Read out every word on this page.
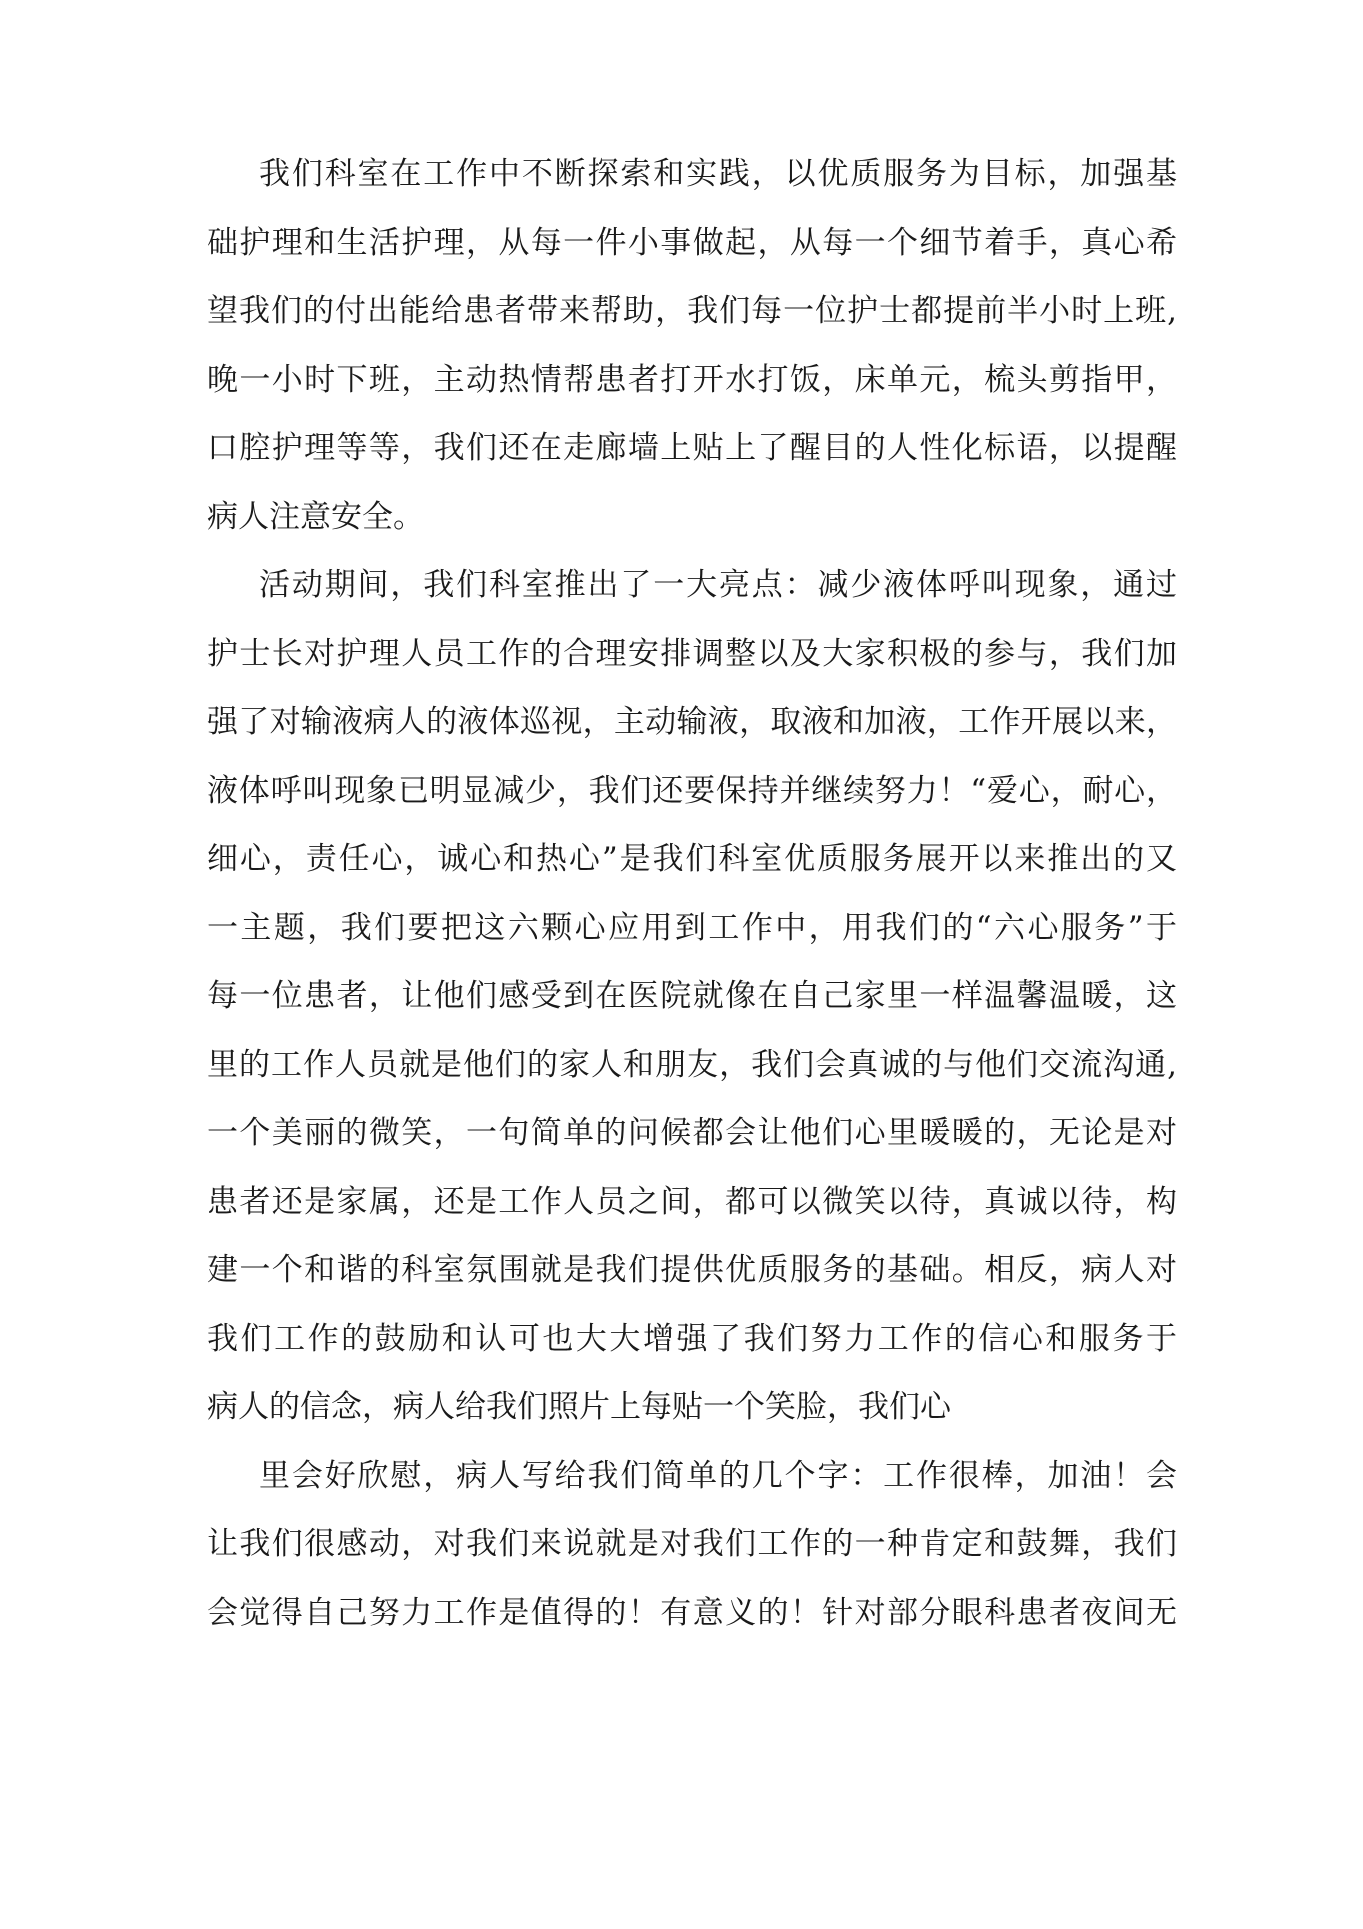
我们科室在工作中不断探索和实践，以优质服务为目标，加强基
础护理和生活护理，从每一件小事做起，从每一个细节着手，真心希
望我们的付出能给患者带来帮助，我们每一位护士都提前半小时上班,
晚一小时下班，主动热情帮患者打开水打饭，床单元，梳头剪指甲，
口腔护理等等，我们还在走廊墙上贴上了醒目的人性化标语，以提醒
病人注意安全。
活动期间，我们科室推出了一大亮点：减少液体呼叫现象，通过
护士长对护理人员工作的合理安排调整以及大家积极的参与，我们加
强了对输液病人的液体巡视，主动输液，取液和加液，工作开展以来，
液体呼叫现象已明显减少，我们还要保持并继续努力！“爱心，耐心，
细心，责任心，诚心和热心”是我们科室优质服务展开以来推出的又
一主题，我们要把这六颗心应用到工作中，用我们的“六心服务”于
每一位患者，让他们感受到在医院就像在自己家里一样温馨温暖，这
里的工作人员就是他们的家人和朋友，我们会真诚的与他们交流沟通,
一个美丽的微笑，一句简单的问候都会让他们心里暖暖的，无论是对
患者还是家属，还是工作人员之间，都可以微笑以待，真诚以待，构
建一个和谐的科室氛围就是我们提供优质服务的基础。相反，病人对
我们工作的鼓励和认可也大大增强了我们努力工作的信心和服务于
病人的信念，病人给我们照片上每贴一个笑脸，我们心
里会好欣慰，病人写给我们简单的几个字：工作很棒，加油！会
让我们很感动，对我们来说就是对我们工作的一种肯定和鼓舞，我们
会觉得自己努力工作是值得的！有意义的！针对部分眼科患者夜间无
